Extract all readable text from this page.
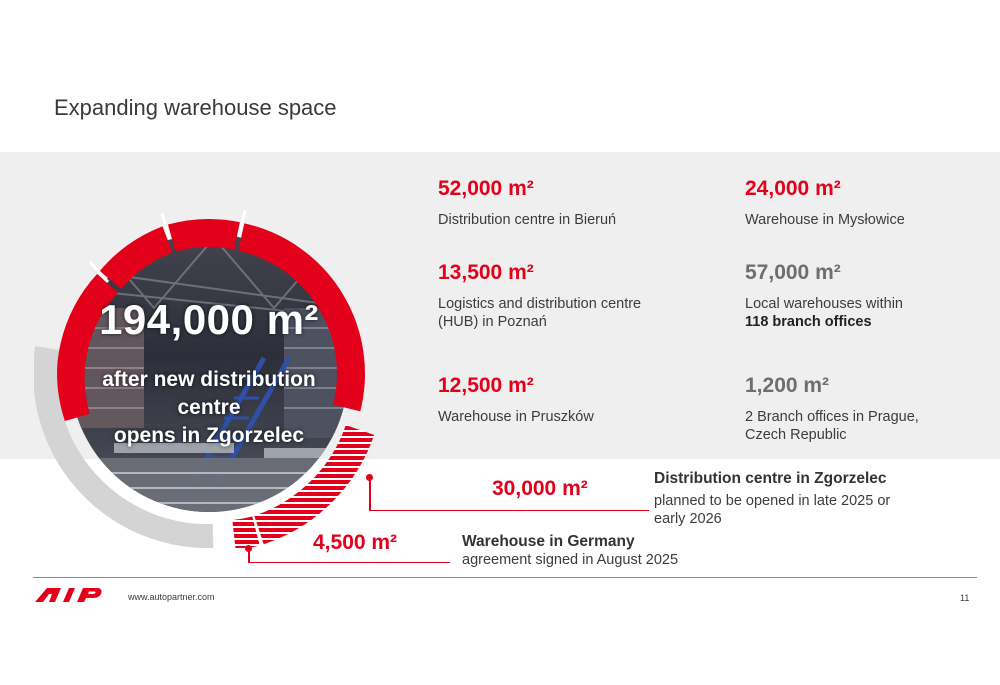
Expanding warehouse space
194,000 m²
after new distribution centre
opens in Zgorzelec
52,000 m²
Distribution centre in Bieruń
24,000 m²
Warehouse in Mysłowice
13,500 m²
Logistics and distribution centre (HUB) in Poznań
57,000 m²
Local warehouses within
118 branch offices
12,500 m²
Warehouse in Pruszków
1,200 m²
2 Branch offices in Prague, Czech Republic
30,000 m²	Distribution centre in Zgorzelec
planned to be opened in late 2025 or early 2026
4,500 m²	Warehouse in Germany
agreement signed in August 2025
www.autopartner.com	11
